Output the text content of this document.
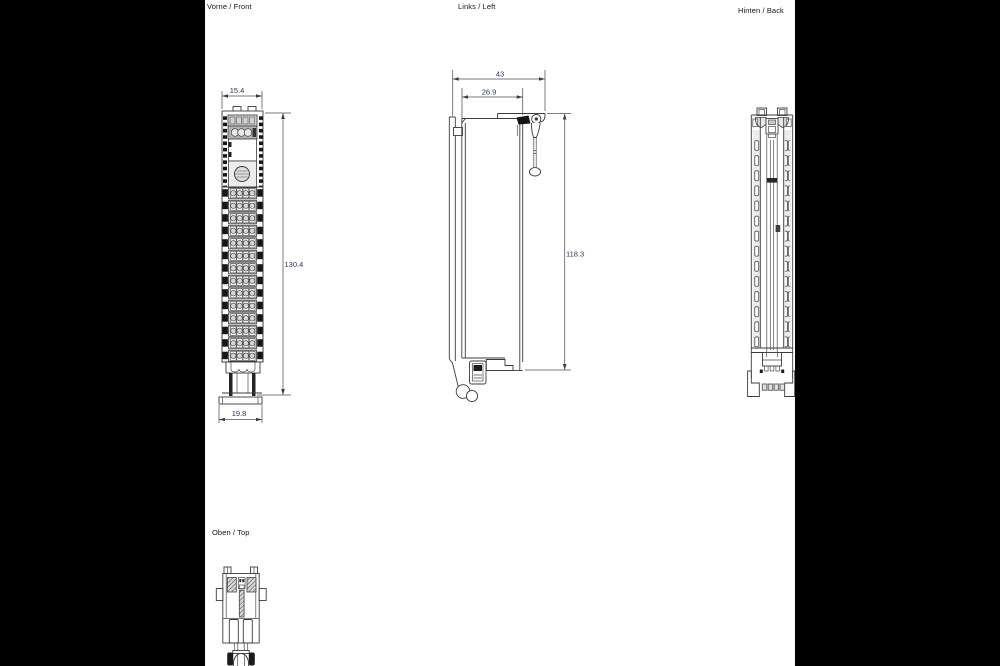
Vorne / Front	Links / Left	Hinten / Back
Oben / Top
15.4
130.4
19.8
43
26.9
118.3
